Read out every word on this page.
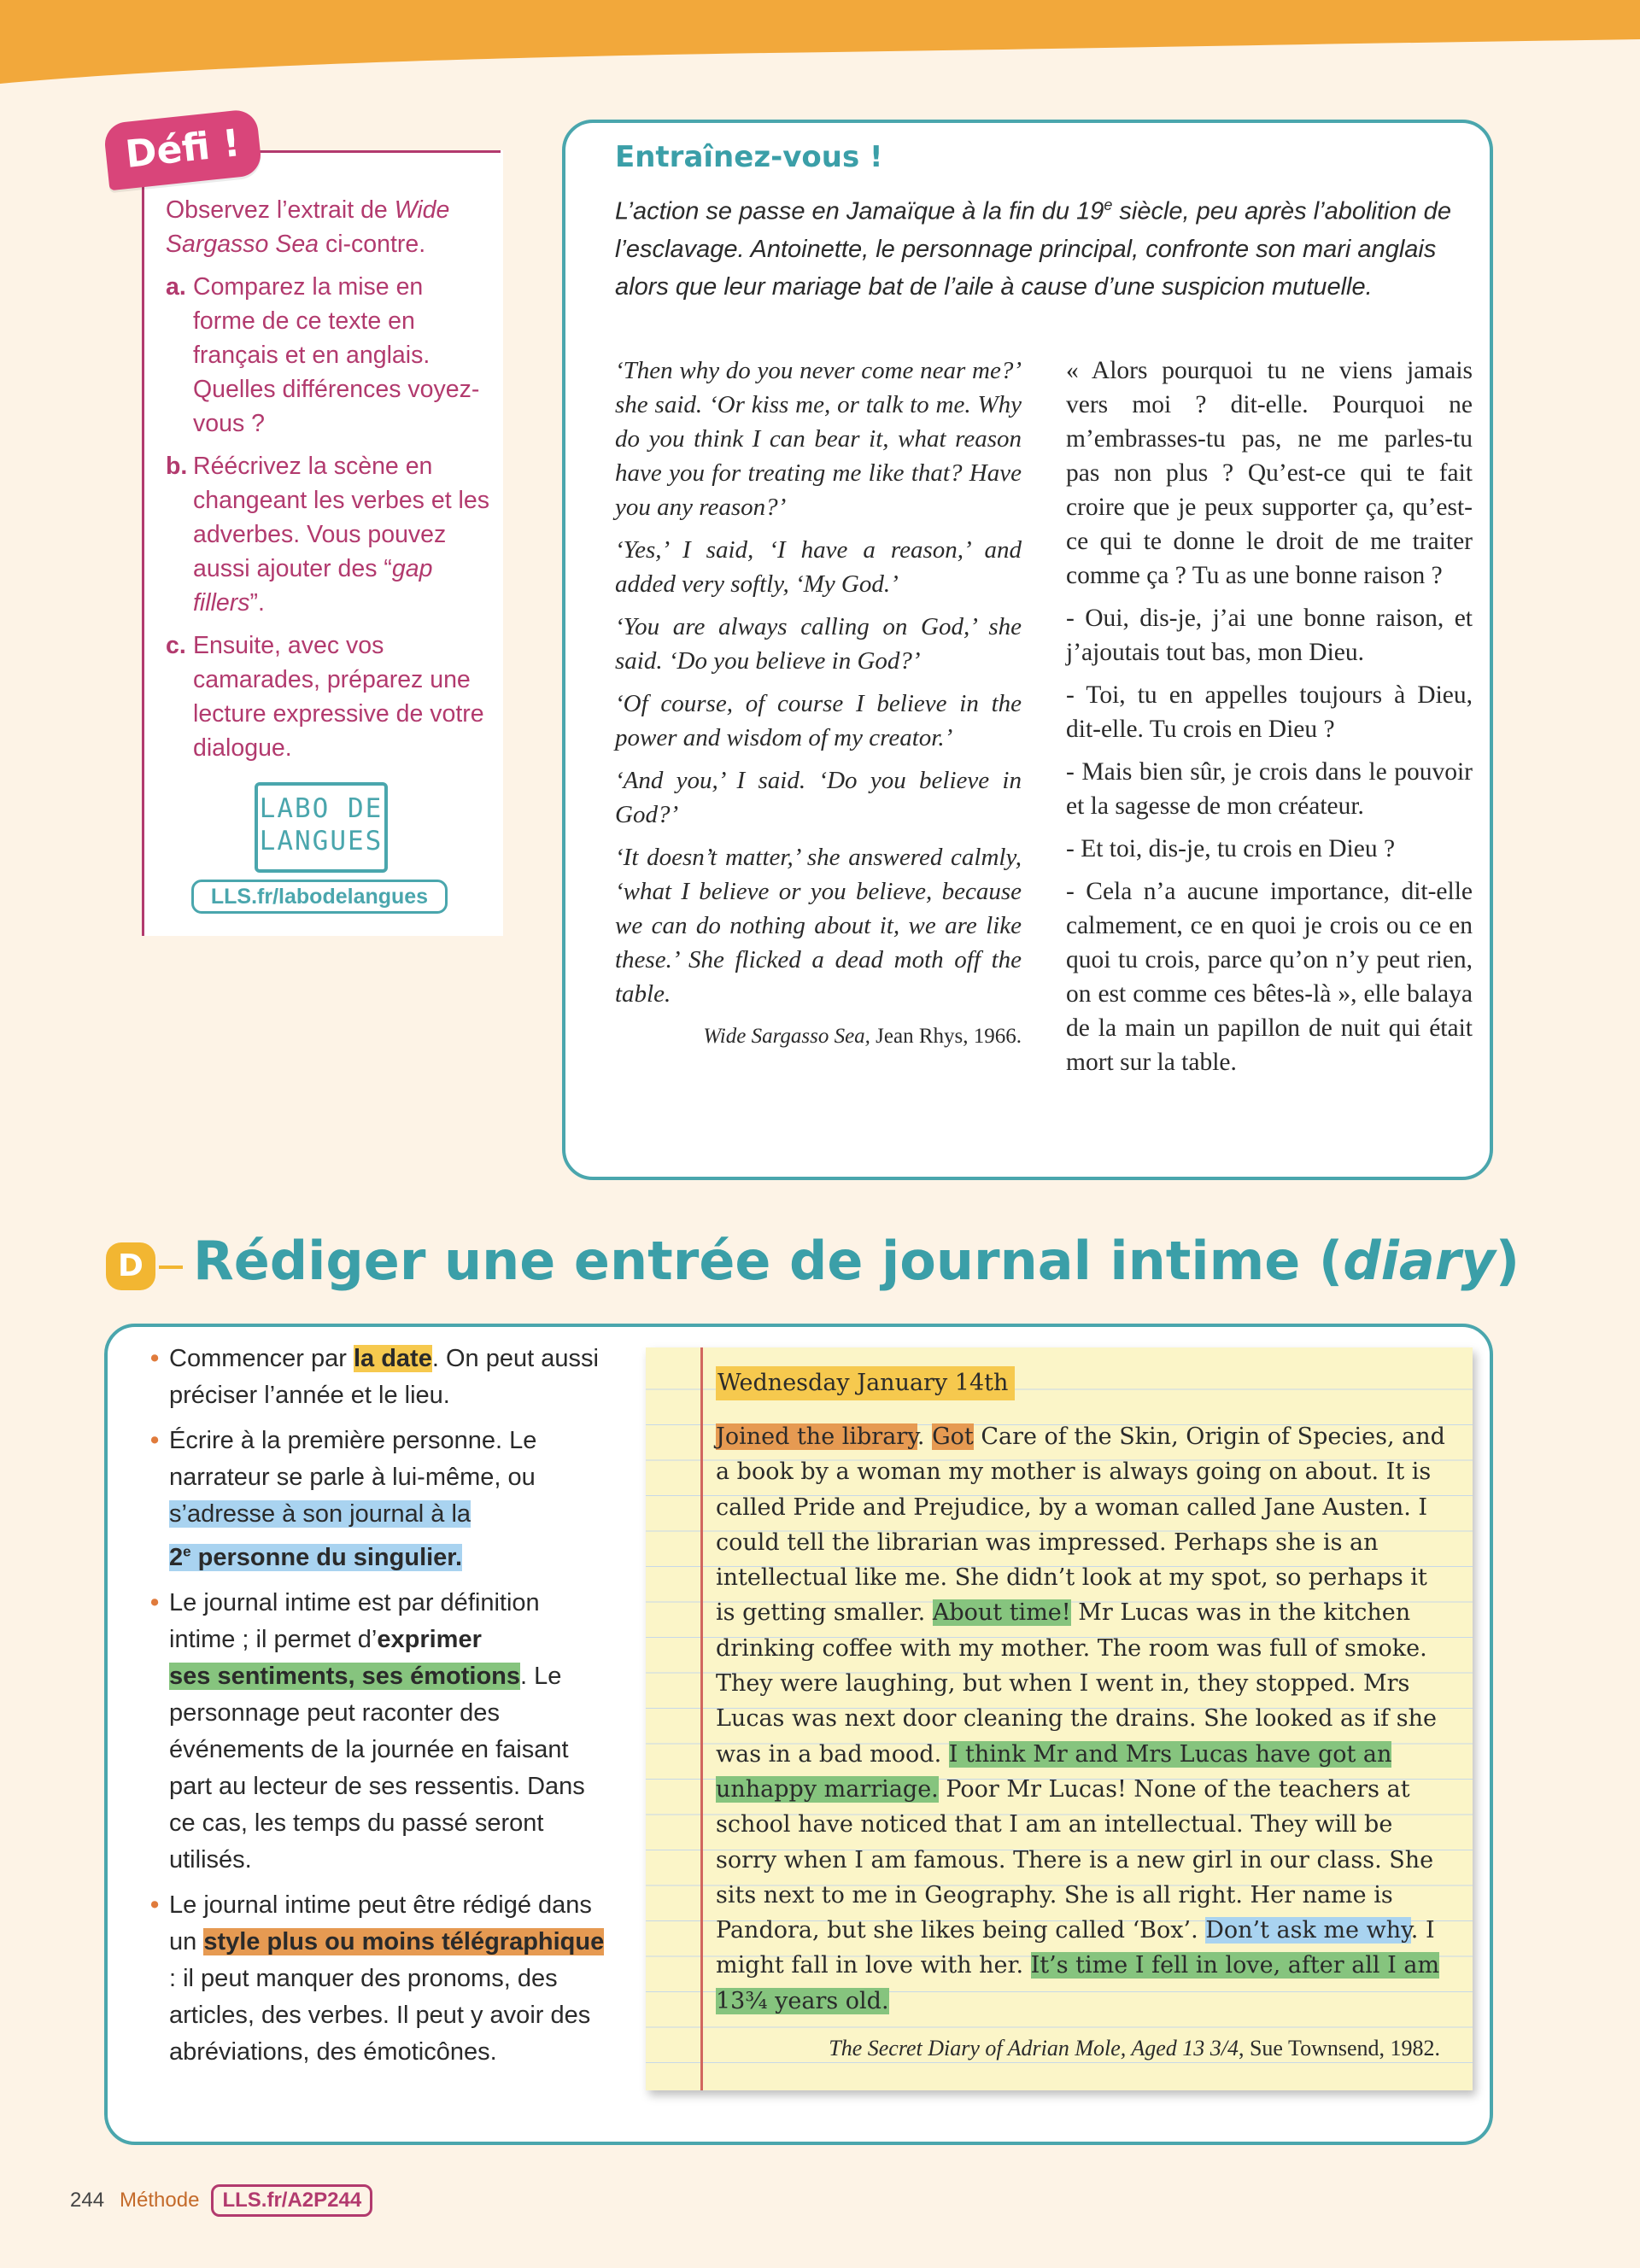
Défi !

Observez l’extrait de Wide Sargasso Sea ci-contre.

a. Comparez la mise en forme de ce texte en français et en anglais. Quelles différences voyez-vous ?
b. Réécrivez la scène en changeant les verbes et les adverbes. Vous pouvez aussi ajouter des “gap fillers”.
c. Ensuite, avec vos camarades, préparez une lecture expressive de votre dialogue.
LABO DE
LANGUES
LLS.fr/labodelangues
Entraînez-vous !
L’action se passe en Jamaïque à la fin du 19e siècle, peu après l’abolition de l’esclavage. Antoinette, le personnage principal, confronte son mari anglais alors que leur mariage bat de l’aile à cause d’une suspicion mutuelle.

‘Then why do you never come near me?’ she said. ‘Or kiss me, or talk to me. Why do you think I can bear it, what reason have you for treating me like that? Have you any reason?’

‘Yes,’ I said, ‘I have a reason,’ and added very softly, ‘My God.’

‘You are always calling on God,’ she said. ‘Do you believe in God?’

‘Of course, of course I believe in the power and wisdom of my creator.’

‘And you,’ I said. ‘Do you believe in God?’

‘It doesn’t matter,’ she answered calmly, ‘what I believe or you believe, because we can do nothing about it, we are like these.’ She flicked a dead moth off the table.

Wide Sargasso Sea, Jean Rhys, 1966.

« Alors pourquoi tu ne viens jamais vers moi ? dit-elle. Pourquoi ne m’embrasses-tu pas, ne me parles-tu pas non plus ? Qu’est-ce qui te fait croire que je peux supporter ça, qu’est-ce qui te donne le droit de me traiter comme ça ? Tu as une bonne raison ?

- Oui, dis-je, j’ai une bonne raison, et j’ajoutais tout bas, mon Dieu.

- Toi, tu en appelles toujours à Dieu, dit-elle. Tu crois en Dieu ?

- Mais bien sûr, je crois dans le pouvoir et la sagesse de mon créateur.

- Et toi, dis-je, tu crois en Dieu ?

- Cela n’a aucune importance, dit-elle calmement, ce en quoi je crois ou ce en quoi tu crois, parce qu’on n’y peut rien, on est comme ces bêtes-là », elle balaya de la main un papillon de nuit qui était mort sur la table.

D Rédiger une entrée de journal intime (diary)
• Commencer par la date. On peut aussi préciser l’année et le lieu.
• Écrire à la première personne. Le narrateur se parle à lui-même, ou s’adresse à son journal à la
2e personne du singulier.
• Le journal intime est par définition intime ; il permet d’exprimer
ses sentiments, ses émotions. Le personnage peut raconter des événements de la journée en faisant part au lecteur de ses ressentis. Dans ce cas, les temps du passé seront utilisés.
• Le journal intime peut être rédigé dans un style plus ou moins télégraphique : il peut manquer des pronoms, des articles, des verbes. Il peut y avoir des abréviations, des émoticônes.
Wednesday January 14th
Joined the library. Got Care of the Skin, Origin of Species, and a book by a woman my mother is always going on about. It is called Pride and Prejudice, by a woman called Jane Austen. I could tell the librarian was impressed. Perhaps she is an intellectual like me. She didn’t look at my spot, so perhaps it is getting smaller. About time! Mr Lucas was in the kitchen drinking coffee with my mother. The room was full of smoke. They were laughing, but when I went in, they stopped. Mrs Lucas was next door cleaning the drains. She looked as if she was in a bad mood. I think Mr and Mrs Lucas have got an unhappy marriage. Poor Mr Lucas! None of the teachers at school have noticed that I am an intellectual. They will be sorry when I am famous. There is a new girl in our class. She sits next to me in Geography. She is all right. Her name is Pandora, but she likes being called ‘Box’. Don’t ask me why. I might fall in love with her. It’s time I fell in love, after all I am 13¾ years old.
The Secret Diary of Adrian Mole, Aged 13 3/4, Sue Townsend, 1982.
244 Méthode	LLS.fr/A2P244
